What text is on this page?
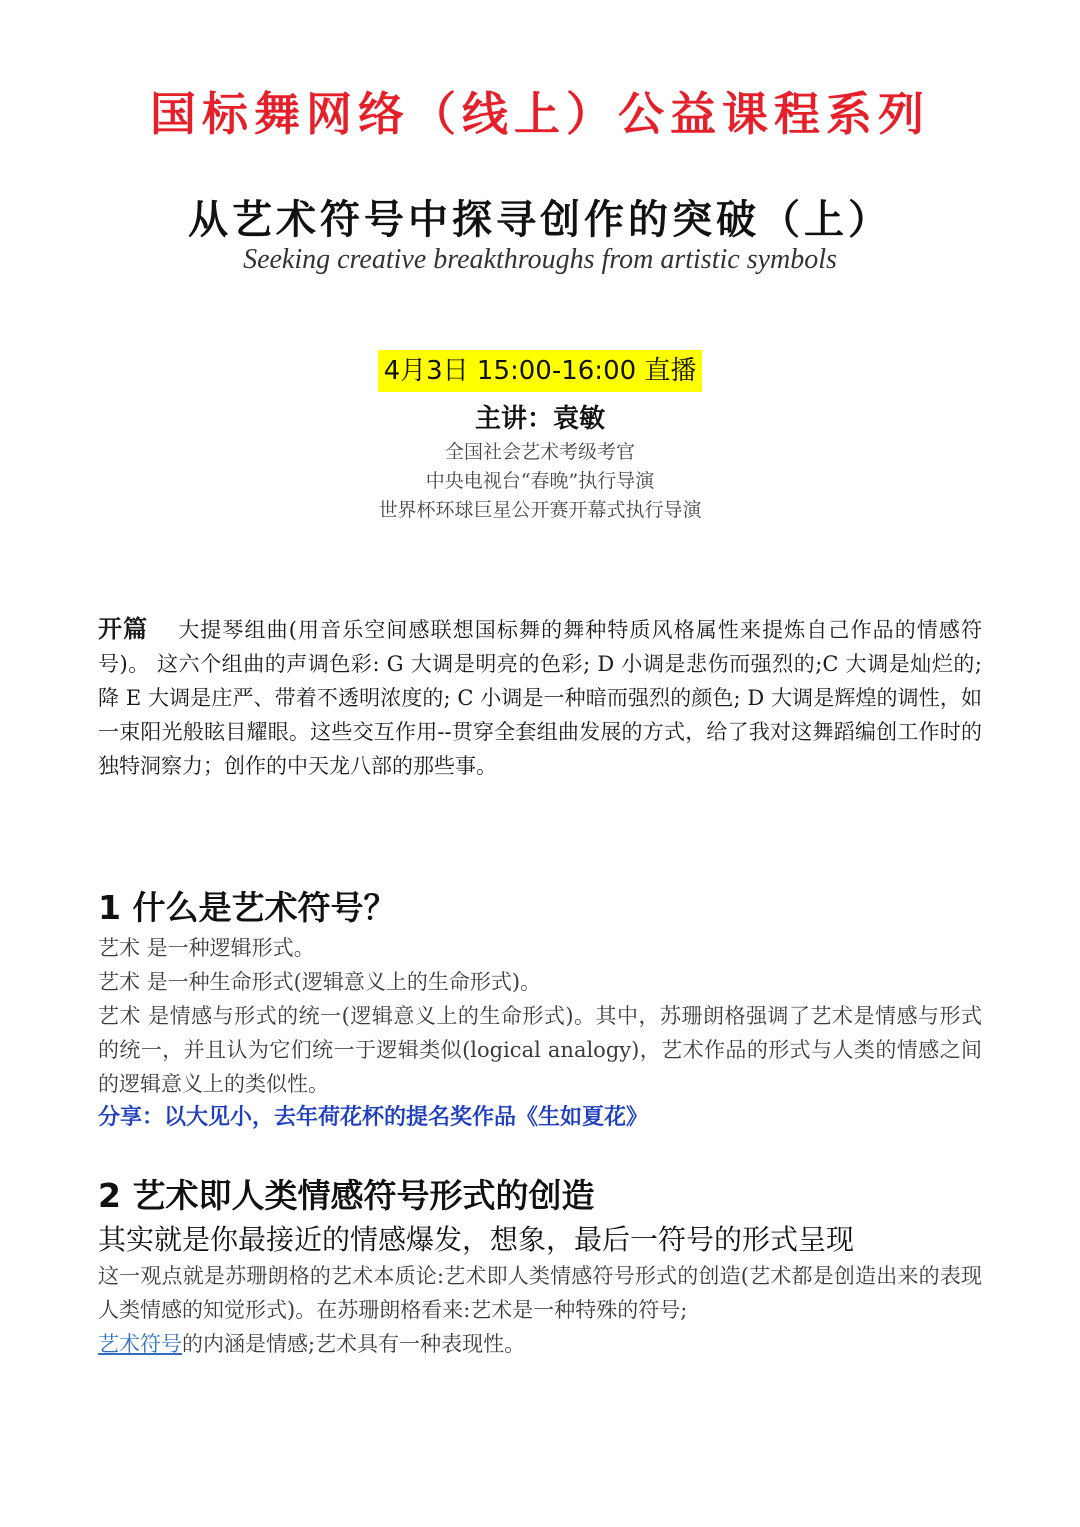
国标舞网络（线上）公益课程系列
从艺术符号中探寻创作的突破（上）
Seeking creative breakthroughs from artistic symbols
4月3日 15:00-16:00 直播
主讲：袁敏
全国社会艺术考级考官
中央电视台“春晚”执行导演
世界杯环球巨星公开赛开幕式执行导演
开篇 大提琴组曲(用音乐空间感联想国标舞的舞种特质风格属性来提炼自己作品的情感符号)。 这六个组曲的声调色彩: G 大调是明亮的色彩; D 小调是悲伤而强烈的;C 大调是灿烂的; 降 E 大调是庄严、带着不透明浓度的; C 小调是一种暗而强烈的颜色; D 大调是辉煌的调性，如一束阳光般眩目耀眼。这些交互作用--贯穿全套组曲发展的方式，给了我对这舞蹈编创工作时的独特洞察力；创作的中天龙八部的那些事。
1 什么是艺术符号？
艺术 是一种逻辑形式。
艺术 是一种生命形式(逻辑意义上的生命形式)。
艺术 是情感与形式的统一(逻辑意义上的生命形式)。其中，苏珊朗格强调了艺术是情感与形式的统一，并且认为它们统一于逻辑类似(logical analogy)，艺术作品的形式与人类的情感之间的逻辑意义上的类似性。
分享：以大见小，去年荷花杯的提名奖作品《生如夏花》
2 艺术即人类情感符号形式的创造
其实就是你最接近的情感爆发，想象，最后一符号的形式呈现
这一观点就是苏珊朗格的艺术本质论:艺术即人类情感符号形式的创造(艺术都是创造出来的表现人类情感的知觉形式)。在苏珊朗格看来:艺术是一种特殊的符号;
艺术符号的内涵是情感;艺术具有一种表现性。
